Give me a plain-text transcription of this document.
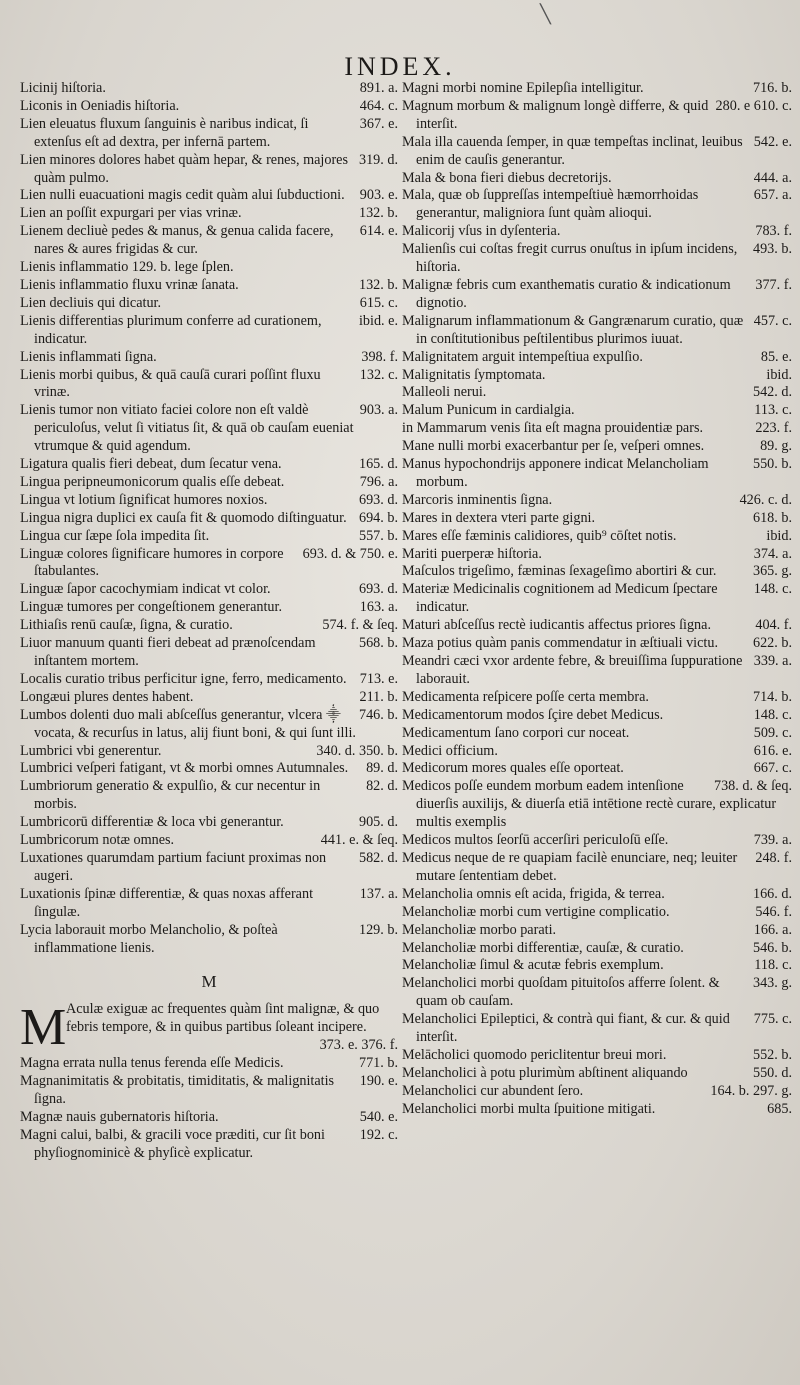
╲
INDEX.

891. a.
Licinij hiſtoria.

464. c.
Liconis in Oeniadis hiſtoria.

367. e.
Lien eleuatus fluxum ſanguinis è naribus indicat, ſi extenſus eſt ad dextra, per infernā partem.

319. d.
Lien minores dolores habet quàm hepar, & renes, majores quàm pulmo.

903. e.
Lien nulli euacuationi magis cedit quàm alui ſubductioni.

132. b.
Lien an poſſit expurgari per vias vrinæ.

614. e.
Lienem decliuè pedes & manus, & genua calida facere, nares & aures frigidas & cur.

Lienis inflammatio 129. b. lege ſplen.

132. b.
Lienis inflammatio fluxu vrinæ ſanata.

615. c.
Lien decliuis qui dicatur.

ibid. e.
Lienis differentias plurimum conferre ad curationem, indicatur.

398. f.
Lienis inflammati ſigna.

132. c.
Lienis morbi quibus, & quā cauſā curari poſſint fluxu vrinæ.

903. a.
Lienis tumor non vitiato faciei colore non eſt valdè periculoſus, velut ſi vitiatus ſit, & quā ob cauſam eueniat vtrumque & quid agendum.

165. d.
Ligatura qualis fieri debeat, dum ſecatur vena.

796. a.
Lingua peripneumonicorum qualis eſſe debeat.

693. d.
Lingua vt lotium ſignificat humores noxios.

694. b.
Lingua nigra duplici ex cauſa fit & quomodo diſtinguatur.

557. b.
Lingua cur ſæpe ſola impedita ſit.

693. d. & 750. e.
Linguæ colores ſignificare humores in corpore ſtabulantes.

693. d.
Linguæ ſapor cacochymiam indicat vt color.

163. a.
Linguæ tumores per congeſtionem generantur.

574. f. & ſeq.
Lithiaſis renū cauſæ, ſigna, & curatio.

568. b.
Liuor manuum quanti fieri debeat ad prænoſcendam inſtantem mortem.

713. e.
Localis curatio tribus perficitur igne, ferro, medicamento.

211. b.
Longæui plures dentes habent.

746. b.
Lumbos dolenti duo mali abſceſſus generantur, vlcera ⸎ vocata, & recurſus in latus, alij fiunt boni, & qui ſunt illi.

340. d. 350. b.
Lumbrici vbi generentur.

89. d.
Lumbrici veſperi fatigant, vt & morbi omnes Autumnales.

82. d.
Lumbriorum generatio & expulſio, & cur necentur in morbis.

905. d.
Lumbricorū differentiæ & loca vbi generantur.

441. e. & ſeq.
Lumbricorum notæ omnes.

582. d.
Luxationes quarumdam partium faciunt proximas non augeri.

137. a.
Luxationis ſpinæ differentiæ, & quas noxas afferant ſingulæ.

129. b.
Lycia laborauit morbo Melancholio, & poſteà inflammatione lienis.

M

M Aculæ exiguæ ac frequentes quàm ſint malignæ, & quo febris tempore, & in quibus partibus ſoleant incipere.
373. e. 376. f.

771. b.
Magna errata nulla tenus ferenda eſſe Medicis.

190. e.
Magnanimitatis & probitatis, timiditatis, & malignitatis ſigna.

540. e.
Magnæ nauis gubernatoris hiſtoria.

192. c.
Magni calui, balbi, & gracili voce præditi, cur ſit boni phyſiognominicè & phyſicè explicatur.

716. b.
Magni morbi nomine Epilepſia intelligitur.

280. e 610. c.
Magnum morbum & malignum longè differre, & quid interſit.

542. e.
Mala illa cauenda ſemper, in quæ tempeſtas inclinat, leuibus enim de cauſis generantur.

444. a.
Mala & bona fieri diebus decretorijs.

657. a.
Mala, quæ ob ſuppreſſas intempeſtiuè hæmorrhoidas generantur, maligniora ſunt quàm alioqui.

783. f.
Malicorij vſus in dyſenteria.

493. b.
Malienſis cui coſtas fregit currus onuſtus in ipſum incidens, hiſtoria.

377. f.
Malignæ febris cum exanthematis curatio & indicationum dignotio.

457. c.
Malignarum inflammationum & Gangrænarum curatio, quæ in conſtitutionibus peſtilentibus plurimos iuuat.

85. e.
Malignitatem arguit intempeſtiua expulſio.

ibid.
Malignitatis ſymptomata.

542. d.
Malleoli nerui.

113. c.
Malum Punicum in cardialgia.

223. f.
in Mammarum venis ſita eſt magna prouidentiæ pars.

89. g.
Mane nulli morbi exacerbantur per ſe, veſperi omnes.

550. b.
Manus hypochondrijs apponere indicat Melancholiam morbum.

426. c. d.
Marcoris inminentis ſigna.

618. b.
Mares in dextera vteri parte gigni.

ibid.
Mares eſſe fæminis calidiores, quib⁹ cōſtet notis.

374. a.
Mariti puerperæ hiſtoria.

365. g.
Maſculos trigeſimo, fæminas ſexageſimo abortiri & cur.

148. c.
Materiæ Medicinalis cognitionem ad Medicum ſpectare indicatur.

404. f.
Maturi abſceſſus rectè iudicantis affectus priores ſigna.

622. b.
Maza potius quàm panis commendatur in æſtiuali victu.

339. a.
Meandri cæci vxor ardente febre, & breuiſſima ſuppuratione laborauit.

714. b.
Medicamenta reſpicere poſſe certa membra.

148. c.
Medicamentorum modos ſçire debet Medicus.

509. c.
Medicamentum ſano corpori cur noceat.

616. e.
Medici officium.

667. c.
Medicorum mores quales eſſe oporteat.

738. d. & ſeq.
Medicos poſſe eundem morbum eadem intenſione diuerſis auxilijs, & diuerſa etiā intētione rectè curare, explicatur multis exemplis

739. a.
Medicos multos ſeorſū accerſiri periculoſū eſſe.

248. f.
Medicus neque de re quapiam facilè enunciare, neq; leuiter mutare ſententiam debet.

166. d.
Melancholia omnis eſt acida, frigida, & terrea.

546. f.
Melancholiæ morbi cum vertigine complicatio.

166. a.
Melancholiæ morbo parati.

546. b.
Melancholiæ morbi differentiæ, cauſæ, & curatio.

118. c.
Melancholiæ ſimul & acutæ febris exemplum.

343. g.
Melancholici morbi quoſdam pituitoſos afferre ſolent. & quam ob cauſam.

775. c.
Melancholici Epileptici, & contrà qui fiant, & cur. & quid interſit.

552. b.
Melācholici quomodo periclitentur breui mori.

550. d.
Melancholici à potu plurimùm abſtinent aliquando

164. b. 297. g.
Melancholici cur abundent ſero.

685.
Melancholici morbi multa ſpuitione mitigati.
